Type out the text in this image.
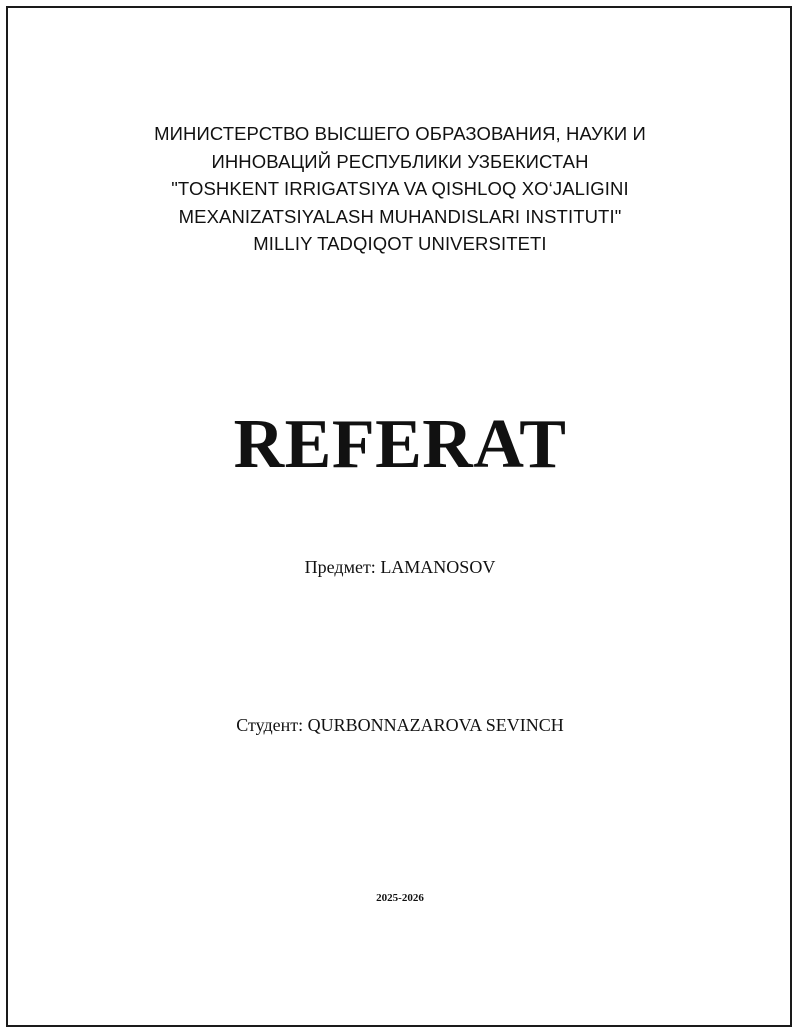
МИНИСТЕРСТВО ВЫСШЕГО ОБРАЗОВАНИЯ, НАУКИ И
ИННОВАЦИЙ РЕСПУБЛИКИ УЗБЕКИСТАН
"TOSHKENT IRRIGATSIYA VA QISHLOQ XO‘JALIGINI
MEXANIZATSIYALASH MUHANDISLARI INSTITUTI"
MILLIY TADQIQOT UNIVERSITETI
REFERAT
Предмет: LAMANOSOV
Студент: QURBONNAZAROVA SEVINCH
2025-2026
